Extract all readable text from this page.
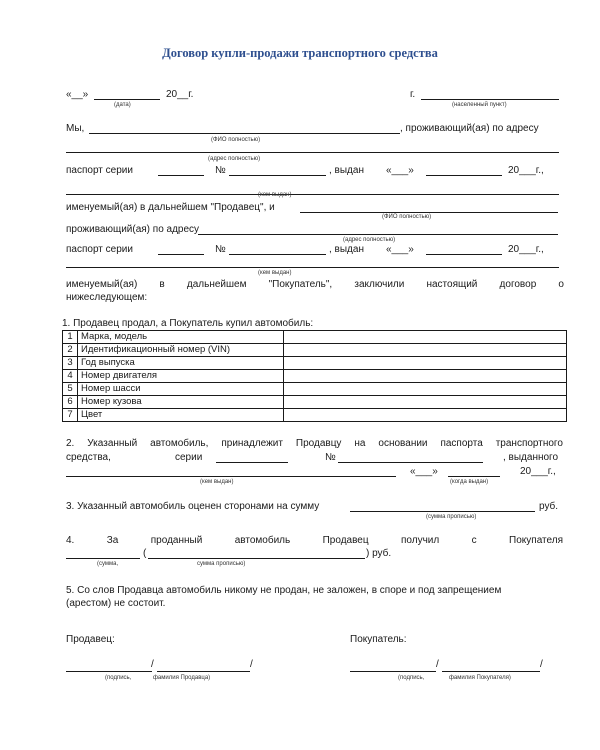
Договор купли-продажи транспортного средства
«__»	20__г.
(дата)
г.
(населенный пункт)
Мы,	, проживающий(ая) по адресу
(ФИО полностью)
(адрес полностью)
паспорт серии	№	, выдан «___»	20___г.,
(кем выдан)
именуемый(ая) в дальнейшем "Продавец", и
(ФИО полностью)
проживающий(ая) по адресу
(адрес полностью)
паспорт серии	№	, выдан «___»	20___г.,
(кем выдан)
именуемый(ая) в дальнейшем "Покупатель", заключили настоящий договор о
нижеследующем:
1. Продавец продал, а Покупатель купил автомобиль:
1	Марка, модель	
2	Идентификационный номер (VIN)	
3	Год выпуска	
4	Номер двигателя	
5	Номер шасси	
6	Номер кузова	
7	Цвет	
2. Указанный автомобиль, принадлежит Продавцу на основании паспорта транспортного
средства,	серии	№	, выданного
«___»	20___г.,
(кем выдан)	(когда выдан)
3. Указанный автомобиль оценен сторонами на сумму	руб.
(сумма прописью)
4.	За	проданный	автомобиль	Продавец	получил	с	Покупателя
(	) руб.
(сумма,	сумма прописью)
5. Со слов Продавца автомобиль никому не продан, не заложен, в споре и под запрещением
(арестом) не состоит.
Продавец:	Покупатель:
/	/
(подпись,	фамилия Продавца)
/	/
(подпись,	фамилия Покупателя)
